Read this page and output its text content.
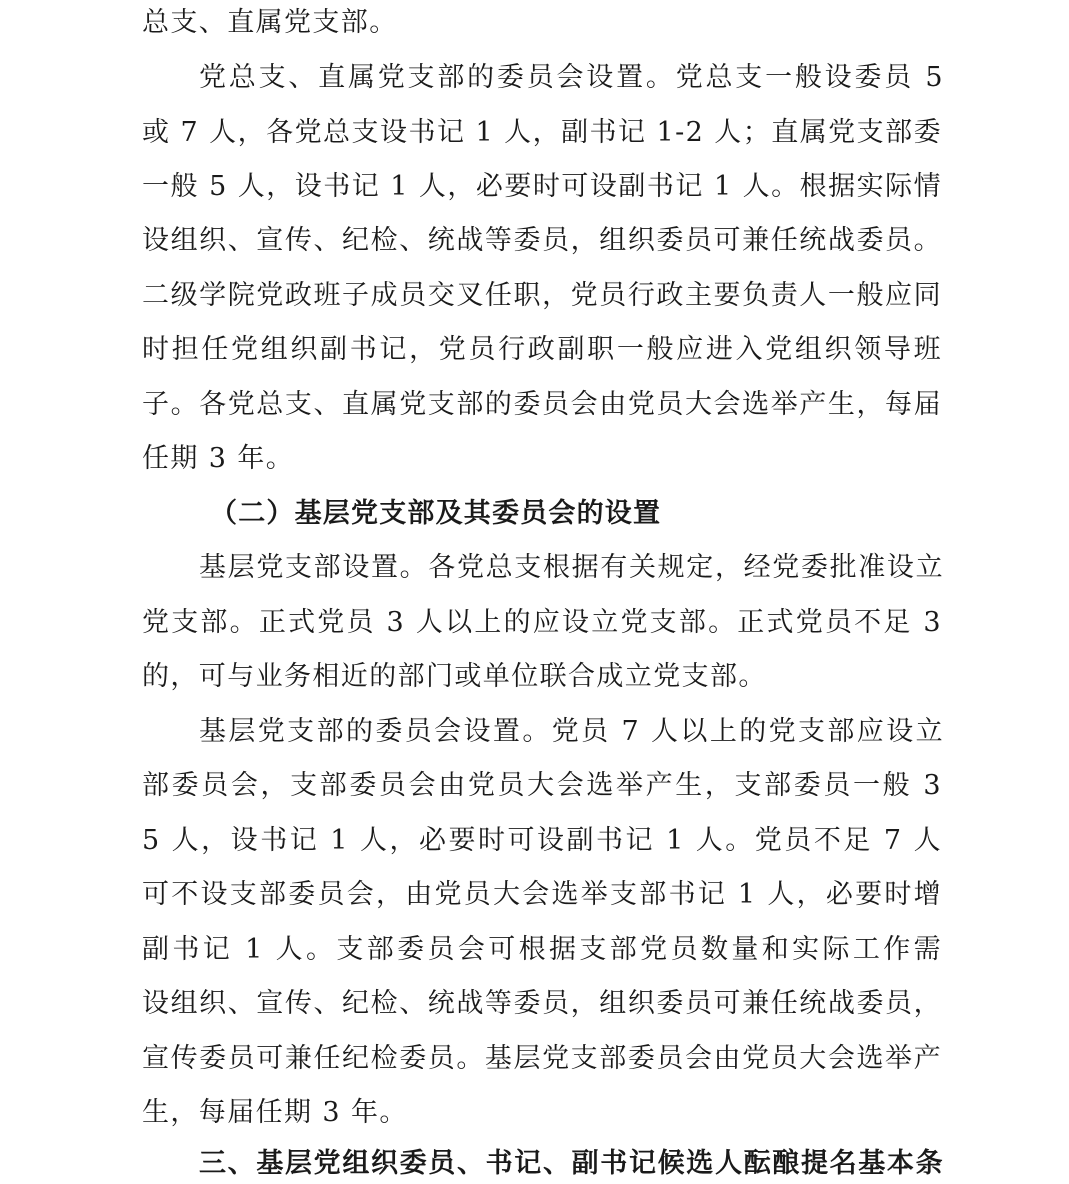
总支、直属党支部。
党总支、直属党支部的委员会设置。党总支一般设委员 5
或 7 人，各党总支设书记 1 人，副书记 1-2 人；直属党支部委
一般 5 人，设书记 1 人，必要时可设副书记 1 人。根据实际情
设组织、宣传、纪检、统战等委员，组织委员可兼任统战委员。
二级学院党政班子成员交叉任职，党员行政主要负责人一般应同
时担任党组织副书记，党员行政副职一般应进入党组织领导班
子。各党总支、直属党支部的委员会由党员大会选举产生，每届
任期 3 年。
（二）基层党支部及其委员会的设置
基层党支部设置。各党总支根据有关规定，经党委批准设立
党支部。正式党员 3 人以上的应设立党支部。正式党员不足 3
的，可与业务相近的部门或单位联合成立党支部。
基层党支部的委员会设置。党员 7 人以上的党支部应设立
部委员会，支部委员会由党员大会选举产生，支部委员一般 3
5 人，设书记 1 人，必要时可设副书记 1 人。党员不足 7 人
可不设支部委员会，由党员大会选举支部书记 1 人，必要时增
副书记 1 人。支部委员会可根据支部党员数量和实际工作需
设组织、宣传、纪检、统战等委员，组织委员可兼任统战委员，
宣传委员可兼任纪检委员。基层党支部委员会由党员大会选举产
生，每届任期 3 年。
三、基层党组织委员、书记、副书记候选人酝酿提名基本条
